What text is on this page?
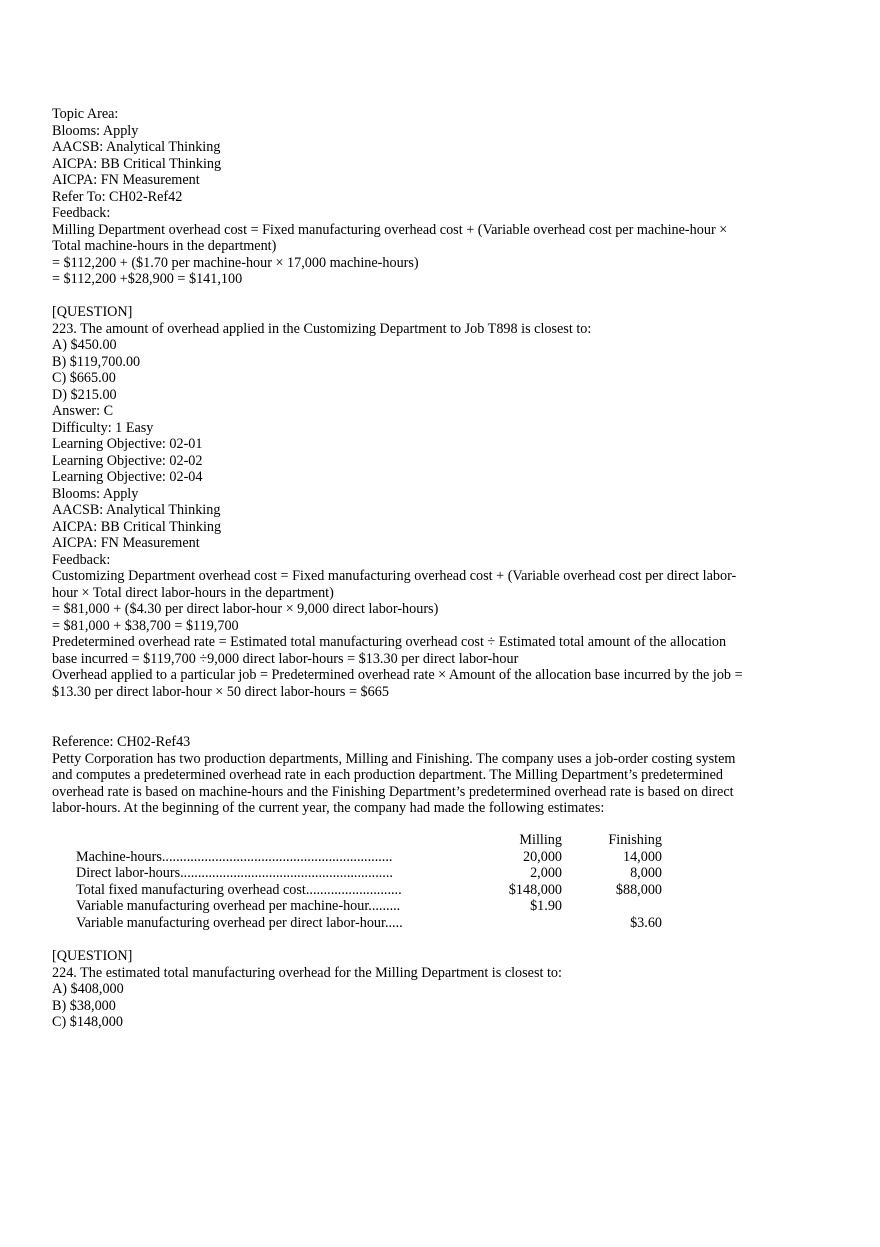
Topic Area:
Blooms: Apply
AACSB: Analytical Thinking
AICPA: BB Critical Thinking
AICPA: FN Measurement
Refer To: CH02-Ref42
Feedback:
Milling Department overhead cost = Fixed manufacturing overhead cost + (Variable overhead cost per machine-hour × Total machine-hours in the department)
= $112,200 + ($1.70 per machine-hour × 17,000 machine-hours)
= $112,200 +$28,900 = $141,100
[QUESTION]
223. The amount of overhead applied in the Customizing Department to Job T898 is closest to:
A) $450.00
B) $119,700.00
C) $665.00
D) $215.00
Answer: C
Difficulty: 1 Easy
Learning Objective: 02-01
Learning Objective: 02-02
Learning Objective: 02-04
Blooms: Apply
AACSB: Analytical Thinking
AICPA: BB Critical Thinking
AICPA: FN Measurement
Feedback:
Customizing Department overhead cost = Fixed manufacturing overhead cost + (Variable overhead cost per direct labor-hour × Total direct labor-hours in the department)
= $81,000 + ($4.30 per direct labor-hour × 9,000 direct labor-hours)
= $81,000 + $38,700 = $119,700
Predetermined overhead rate = Estimated total manufacturing overhead cost ÷ Estimated total amount of the allocation base incurred = $119,700 ÷9,000 direct labor-hours = $13.30 per direct labor-hour
Overhead applied to a particular job = Predetermined overhead rate × Amount of the allocation base incurred by the job = $13.30 per direct labor-hour × 50 direct labor-hours = $665
Reference: CH02-Ref43
Petty Corporation has two production departments, Milling and Finishing. The company uses a job-order costing system and computes a predetermined overhead rate in each production department. The Milling Department’s predetermined overhead rate is based on machine-hours and the Finishing Department’s predetermined overhead rate is based on direct labor-hours. At the beginning of the current year, the company had made the following estimates:
	Milling	Finishing
Machine-hours.................................................................	20,000	14,000
Direct labor-hours............................................................	2,000	8,000
Total fixed manufacturing overhead cost...........................	$148,000	$88,000
Variable manufacturing overhead per machine-hour.........	$1.90	
Variable manufacturing overhead per direct labor-hour.....		$3.60
[QUESTION]
224. The estimated total manufacturing overhead for the Milling Department is closest to:
A) $408,000
B) $38,000
C) $148,000
